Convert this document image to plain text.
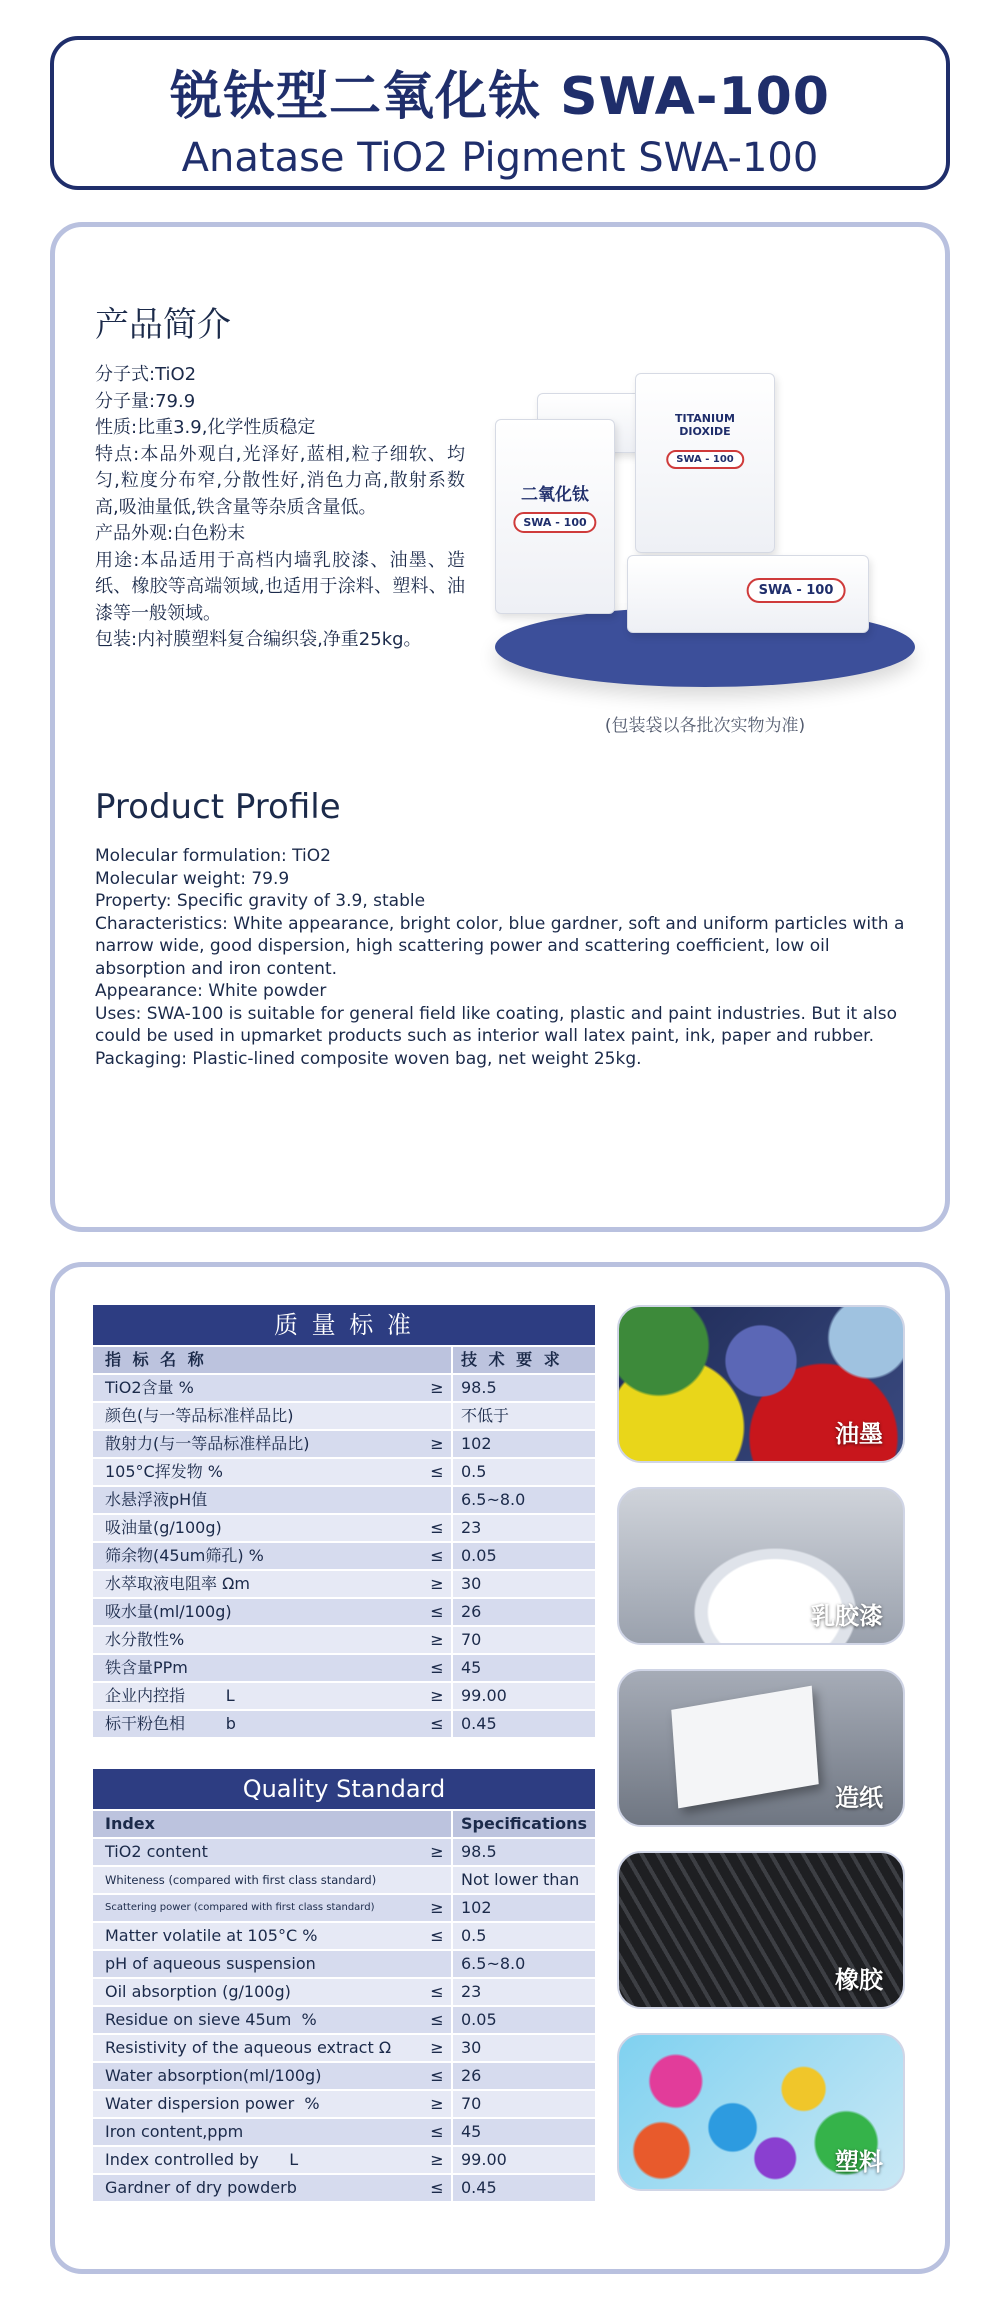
锐钛型二氧化钛 SWA-100
Anatase TiO2 Pigment SWA-100
产品简介

分子式:TiO2

分子量:79.9

性质:比重3.9,化学性质稳定

特点:本品外观白,光泽好,蓝相,粒子细软、均匀,粒度分布窄,分散性好,消色力高,散射系数高,吸油量低,铁含量等杂质含量低。

产品外观:白色粉末

用途:本品适用于高档内墙乳胶漆、油墨、造纸、橡胶等高端领域,也适用于涂料、塑料、油漆等一般领域。

包装:内衬膜塑料复合编织袋,净重25kg。

二氧化钛
SWA - 100
TITANIUM DIOXIDE
SWA - 100
SWA - 100
(包装袋以各批次实物为准)
Product Profile

Molecular formulation: TiO2

Molecular weight: 79.9

Property: Specific gravity of 3.9, stable

Characteristics: White appearance, bright color, blue gardner, soft and uniform particles with a narrow wide, good dispersion, high scattering power and scattering coefficient, low oil absorption and iron content.

Appearance: White powder

Uses: SWA-100 is suitable for general field like coating, plastic and paint industries. But it also could be used in upmarket products such as interior wall latex paint, ink, paper and rubber.

Packaging: Plastic-lined composite woven bag, net weight 25kg.

质 量 标 准
指 标 名 称	技 术 要 求
TiO2含量 %	≥	98.5
颜色(与一等品标准样品比)	不低于
散射力(与一等品标准样品比)	≥	102
105°C挥发物 %	≤	0.5
水悬浮液pH值	6.5~8.0
吸油量(g/100g)	≤	23
筛余物(45um筛孔) %	≤	0.05
水萃取液电阻率 Ωm	≥	30
吸水量(ml/100g)	≤	26
水分散性%	≥	70
铁含量PPm	≤	45
企业内控指        L	≥	99.00
标干粉色相        b	≤	0.45
Quality Standard
Index	Specifications
TiO2 content	≥	98.5
Whiteness (compared with first class standard)	Not lower than
Scattering power (compared with first class standard)	≥	102
Matter volatile at 105°C %	≤	0.5
pH of aqueous suspension	6.5~8.0
Oil absorption (g/100g)	≤	23
Residue on sieve 45um  %	≤	0.05
Resistivity of the aqueous extract Ω	≥	30
Water absorption(ml/100g)	≤	26
Water dispersion power  %	≥	70
Iron content,ppm	≤	45
Index controlled by      L	≥	99.00
Gardner of dry powderb	≤	0.45
油墨
乳胶漆
造纸
橡胶
塑料
